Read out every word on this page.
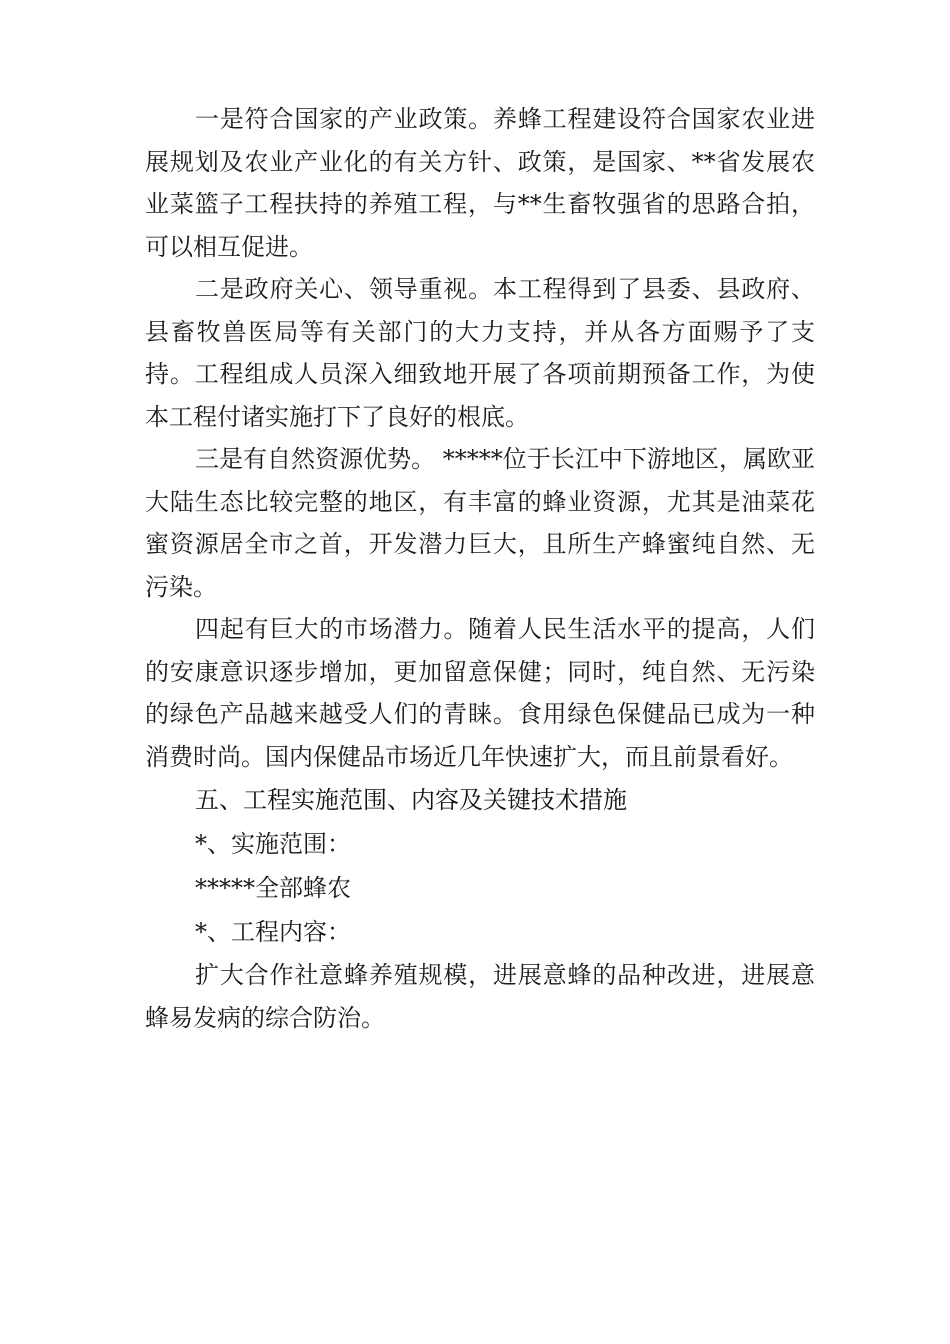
一是符合国家的产业政策。养蜂工程建设符合国家农业进展规划及农业产业化的有关方针、政策，是国家、**省发展农业菜篮子工程扶持的养殖工程，与**生畜牧强省的思路合拍，可以相互促进。

二是政府关心、领导重视。本工程得到了县委、县政府、 县畜牧兽医局等有关部门的大力支持，并从各方面赐予了支持。工程组成人员深入细致地开展了各项前期预备工作，为使本工程付诸实施打下了良好的根底。

三是有自然资源优势。 *****位于长江中下游地区，属欧亚大陆生态比较完整的地区，有丰富的蜂业资源，尤其是油菜花蜜资源居全市之首，开发潜力巨大，且所生产蜂蜜纯自然、无污染。

四起有巨大的市场潜力。随着人民生活水平的提高，人们的安康意识逐步增加，更加留意保健；同时，纯自然、无污染的绿色产品越来越受人们的青睐。食用绿色保健品已成为一种消费时尚。国内保健品市场近几年快速扩大，而且前景看好。

五、工程实施范围、内容及关键技术措施

*、实施范围：

*****全部蜂农

*、工程内容：

扩大合作社意蜂养殖规模，进展意蜂的品种改进，进展意蜂易发病的综合防治。
